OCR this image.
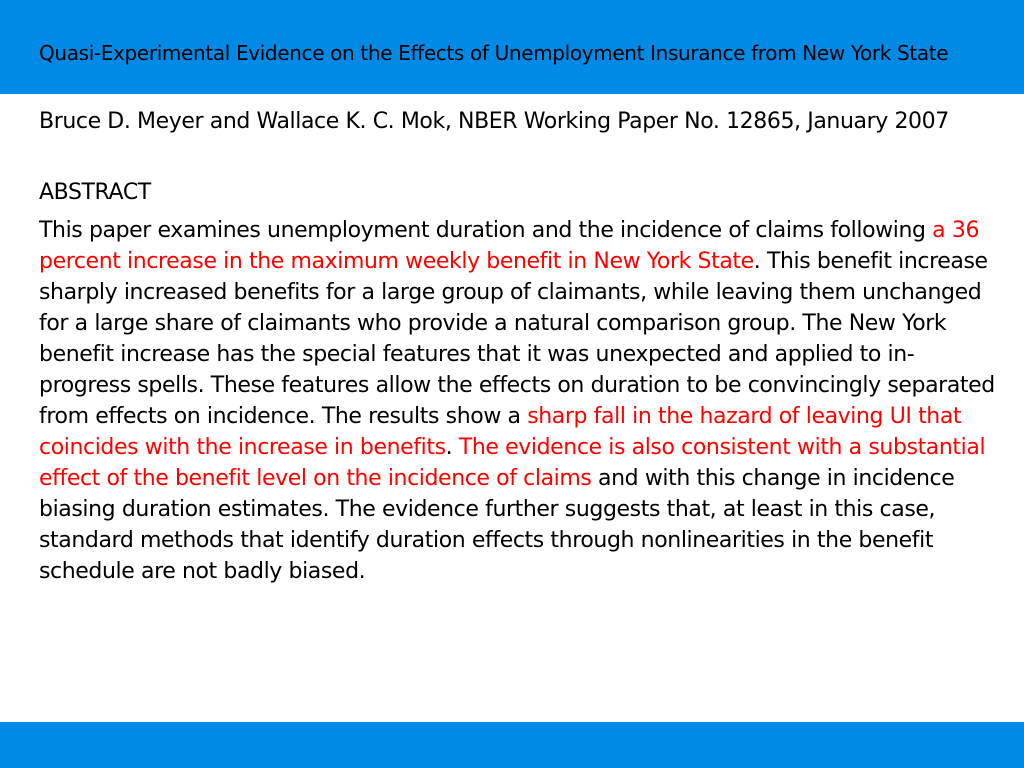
Quasi-Experimental Evidence on the Effects of Unemployment Insurance from New York State

Bruce D. Meyer and Wallace K. C. Mok, NBER Working Paper No. 12865, January 2007

ABSTRACT

This paper examines unemployment duration and the incidence of claims following a 36 percent increase in the maximum weekly benefit in New York State. This benefit increase sharply increased benefits for a large group of claimants, while leaving them unchanged for a large share of claimants who provide a natural comparison group. The New York benefit increase has the special features that it was unexpected and applied to in-progress spells. These features allow the effects on duration to be convincingly separated from effects on incidence. The results show a sharp fall in the hazard of leaving UI that coincides with the increase in benefits. The evidence is also consistent with a substantial effect of the benefit level on the incidence of claims and with this change in incidence biasing duration estimates. The evidence further suggests that, at least in this case, standard methods that identify duration effects through nonlinearities in the benefit schedule are not badly biased.
